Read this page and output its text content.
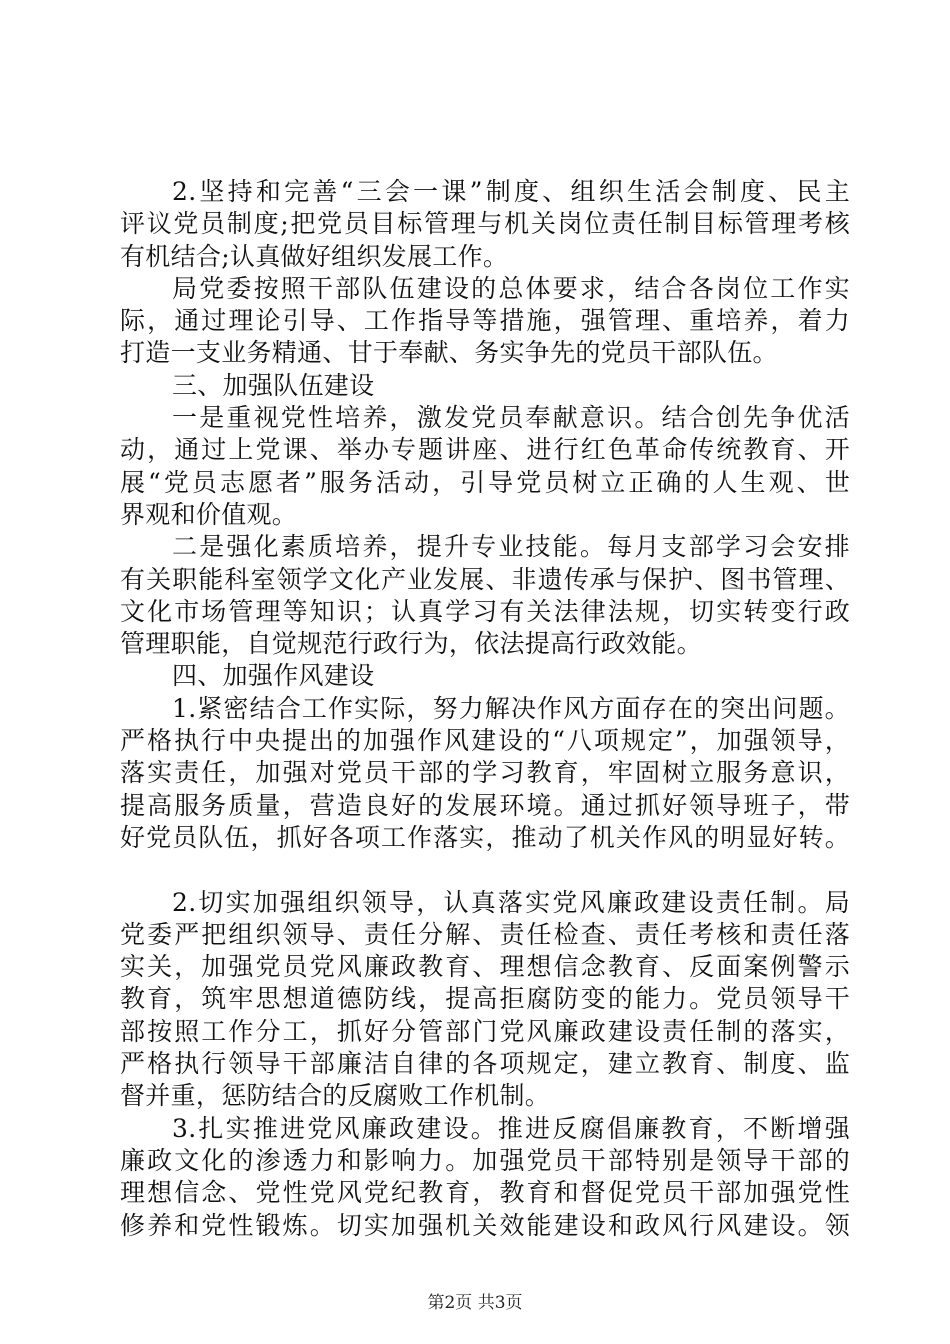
2.坚持和完善“三会一课”制度、组织生活会制度、民主
评议党员制度;把党员目标管理与机关岗位责任制目标管理考核
有机结合;认真做好组织发展工作。
局党委按照干部队伍建设的总体要求，结合各岗位工作实
际，通过理论引导、工作指导等措施，强管理、重培养，着力
打造一支业务精通、甘于奉献、务实争先的党员干部队伍。
三、加强队伍建设
一是重视党性培养，激发党员奉献意识。结合创先争优活
动，通过上党课、举办专题讲座、进行红色革命传统教育、开
展“党员志愿者”服务活动，引导党员树立正确的人生观、世
界观和价值观。
二是强化素质培养，提升专业技能。每月支部学习会安排
有关职能科室领学文化产业发展、非遗传承与保护、图书管理、
文化市场管理等知识；认真学习有关法律法规，切实转变行政
管理职能，自觉规范行政行为，依法提高行政效能。
四、加强作风建设
1.紧密结合工作实际，努力解决作风方面存在的突出问题。
严格执行中央提出的加强作风建设的“八项规定”，加强领导，
落实责任，加强对党员干部的学习教育，牢固树立服务意识，
提高服务质量，营造良好的发展环境。通过抓好领导班子，带
好党员队伍，抓好各项工作落实，推动了机关作风的明显好转。
2.切实加强组织领导，认真落实党风廉政建设责任制。局
党委严把组织领导、责任分解、责任检查、责任考核和责任落
实关，加强党员党风廉政教育、理想信念教育、反面案例警示
教育，筑牢思想道德防线，提高拒腐防变的能力。党员领导干
部按照工作分工，抓好分管部门党风廉政建设责任制的落实，
严格执行领导干部廉洁自律的各项规定，建立教育、制度、监
督并重，惩防结合的反腐败工作机制。
3.扎实推进党风廉政建设。推进反腐倡廉教育，不断增强
廉政文化的渗透力和影响力。加强党员干部特别是领导干部的
理想信念、党性党风党纪教育，教育和督促党员干部加强党性
修养和党性锻炼。切实加强机关效能建设和政风行风建设。领
第2页 共3页
